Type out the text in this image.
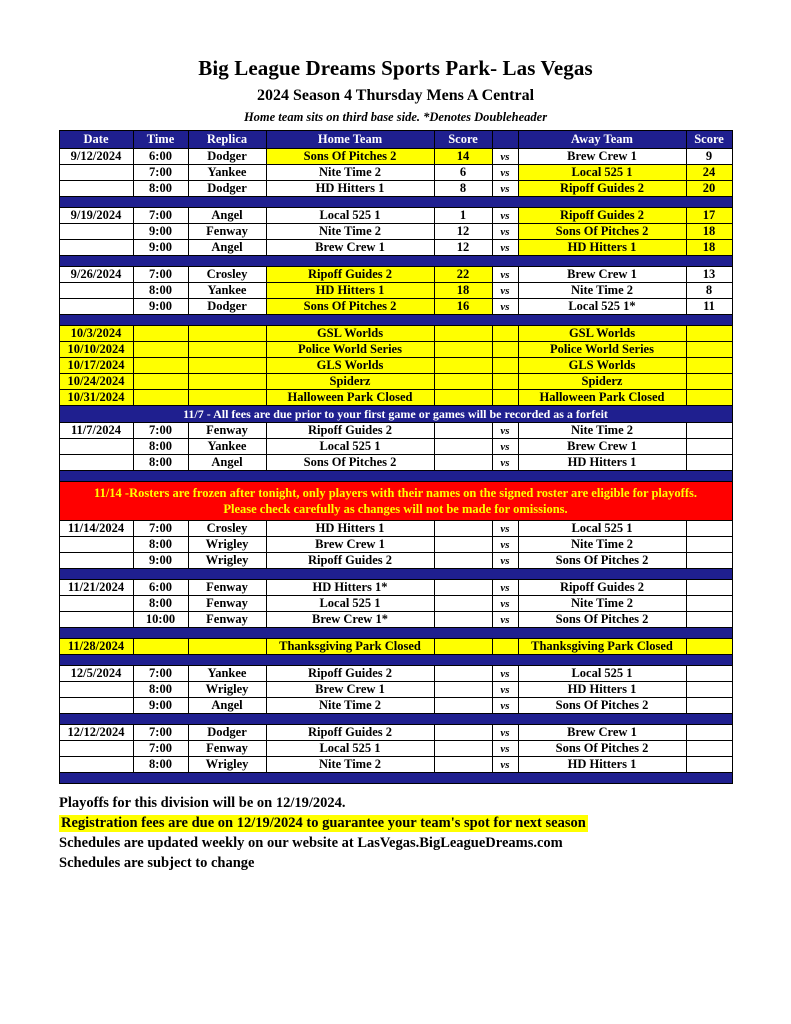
Big League Dreams Sports Park- Las Vegas
2024 Season 4 Thursday Mens A Central
Home team sits on third base side. *Denotes Doubleheader
Date	Time	Replica	Home Team	Score		Away Team	Score
9/12/2024	6:00	Dodger	Sons Of Pitches 2	14	vs	Brew Crew 1	9
	7:00	Yankee	Nite Time 2	6	vs	Local 525 1	24
	8:00	Dodger	HD Hitters 1	8	vs	Ripoff Guides 2	20

9/19/2024	7:00	Angel	Local 525 1	1	vs	Ripoff Guides 2	17
	9:00	Fenway	Nite Time 2	12	vs	Sons Of Pitches 2	18
	9:00	Angel	Brew Crew 1	12	vs	HD Hitters 1	18

9/26/2024	7:00	Crosley	Ripoff Guides 2	22	vs	Brew Crew 1	13
	8:00	Yankee	HD Hitters 1	18	vs	Nite Time 2	8
	9:00	Dodger	Sons Of Pitches 2	16	vs	Local 525 1*	11

10/3/2024			GSL Worlds			GSL Worlds	
10/10/2024			Police World Series			Police World Series	
10/17/2024			GLS Worlds			GLS Worlds	
10/24/2024			Spiderz			Spiderz	
10/31/2024			Halloween Park Closed			Halloween Park Closed	
11/7 - All fees are due prior to your first game or games will be recorded as a forfeit							
11/7/2024	7:00	Fenway	Ripoff Guides 2		vs	Nite Time 2	
	8:00	Yankee	Local 525 1		vs	Brew Crew 1	
	8:00	Angel	Sons Of Pitches 2		vs	HD Hitters 1	

11/14 -Rosters are frozen after tonight, only players with their names on the signed roster are eligible for playoffs.
Please check carefully as changes will not be made for omissions.							

11/14/2024	7:00	Crosley	HD Hitters 1		vs	Local 525 1	
	8:00	Wrigley	Brew Crew 1		vs	Nite Time 2	
	9:00	Wrigley	Ripoff Guides 2		vs	Sons Of Pitches 2	

11/21/2024	6:00	Fenway	HD Hitters 1*		vs	Ripoff Guides 2	
	8:00	Fenway	Local 525 1		vs	Nite Time 2	
	10:00	Fenway	Brew Crew 1*		vs	Sons Of Pitches 2	

11/28/2024			Thanksgiving Park Closed			Thanksgiving Park Closed	

12/5/2024	7:00	Yankee	Ripoff Guides 2		vs	Local 525 1	
	8:00	Wrigley	Brew Crew 1		vs	HD Hitters 1	
	9:00	Angel	Nite Time 2		vs	Sons Of Pitches 2	

12/12/2024	7:00	Dodger	Ripoff Guides 2		vs	Brew Crew 1	
	7:00	Fenway	Local 525 1		vs	Sons Of Pitches 2	
	8:00	Wrigley	Nite Time 2		vs	HD Hitters 1	

Playoffs for this division will be on 12/19/2024.
Registration fees are due on 12/19/2024 to guarantee your team's spot for next season
Schedules are updated weekly on our website at LasVegas.BigLeagueDreams.com
Schedules are subject to change
